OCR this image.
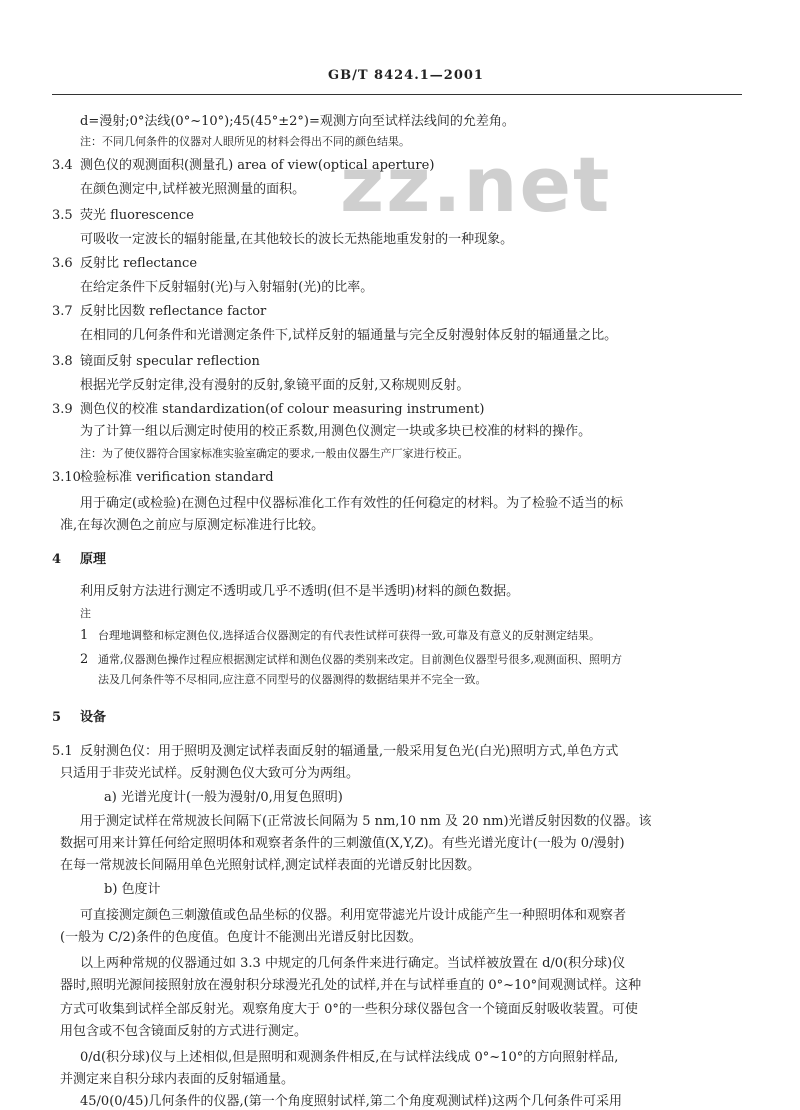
GB/T 8424.1—2001
zz.net
d=漫射;0°法线(0°~10°);45(45°±2°)=观测方向至试样法线间的允差角。
注：不同几何条件的仪器对人眼所见的材料会得出不同的颜色结果。
3.4 测色仪的观测面积(测量孔) area of view(optical aperture)
在颜色测定中,试样被光照测量的面积。
3.5 荧光 fluorescence
可吸收一定波长的辐射能量,在其他较长的波长无热能地重发射的一种现象。
3.6 反射比 reflectance
在给定条件下反射辐射(光)与入射辐射(光)的比率。
3.7 反射比因数 reflectance factor
在相同的几何条件和光谱测定条件下,试样反射的辐通量与完全反射漫射体反射的辐通量之比。
3.8 镜面反射 specular reflection
根据光学反射定律,没有漫射的反射,象镜平面的反射,又称规则反射。
3.9 测色仪的校准 standardization(of colour measuring instrument)
为了计算一组以后测定时使用的校正系数,用测色仪测定一块或多块已校准的材料的操作。
注：为了使仪器符合国家标准实验室确定的要求,一般由仪器生产厂家进行校正。
3.10 检验标准 verification standard
用于确定(或检验)在测色过程中仪器标准化工作有效性的任何稳定的材料。为了检验不适当的标
准,在每次测色之前应与原测定标准进行比较。
4 原理
利用反射方法进行测定不透明或几乎不透明(但不是半透明)材料的颜色数据。
注
1 台理地调整和标定测色仪,选择适合仪器测定的有代表性试样可获得一致,可靠及有意义的反射测定结果。
2 通常,仪器测色操作过程应根据测定试样和测色仪器的类别来改定。目前测色仪器型号很多,观测面积、照明方
法及几何条件等不尽相同,应注意不同型号的仪器测得的数据结果并不完全一致。
5 设备
5.1 反射测色仪：用于照明及测定试样表面反射的辐通量,一般采用复色光(白光)照明方式,单色方式
只适用于非荧光试样。反射测色仪大致可分为两组。
a) 光谱光度计(一般为漫射/0,用复色照明)
用于测定试样在常规波长间隔下(正常波长间隔为 5 nm,10 nm 及 20 nm)光谱反射因数的仪器。该
数据可用来计算任何给定照明体和观察者条件的三刺激值(X,Y,Z)。有些光谱光度计(一般为 0/漫射)
在每一常规波长间隔用单色光照射试样,测定试样表面的光谱反射比因数。
b) 色度计
可直接测定颜色三刺激值或色品坐标的仪器。利用宽带滤光片设计成能产生一种照明体和观察者
(一般为 C/2)条件的色度值。色度计不能测出光谱反射比因数。
以上两种常规的仪器通过如 3.3 中规定的几何条件来进行确定。当试样被放置在 d/0(积分球)仪
器时,照明光源间接照射放在漫射积分球漫光孔处的试样,并在与试样垂直的 0°~10°间观测试样。这种
方式可收集到试样全部反射光。观察角度大于 0°的一些积分球仪器包含一个镜面反射吸收装置。可使
用包含或不包含镜面反射的方式进行测定。
0/d(积分球)仪与上述相似,但是照明和观测条件相反,在与试样法线成 0°~10°的方向照射样品,
并测定来自积分球内表面的反射辐通量。
45/0(0/45)几何条件的仪器,(第一个角度照射试样,第二个角度观测试样)这两个几何条件可采用
